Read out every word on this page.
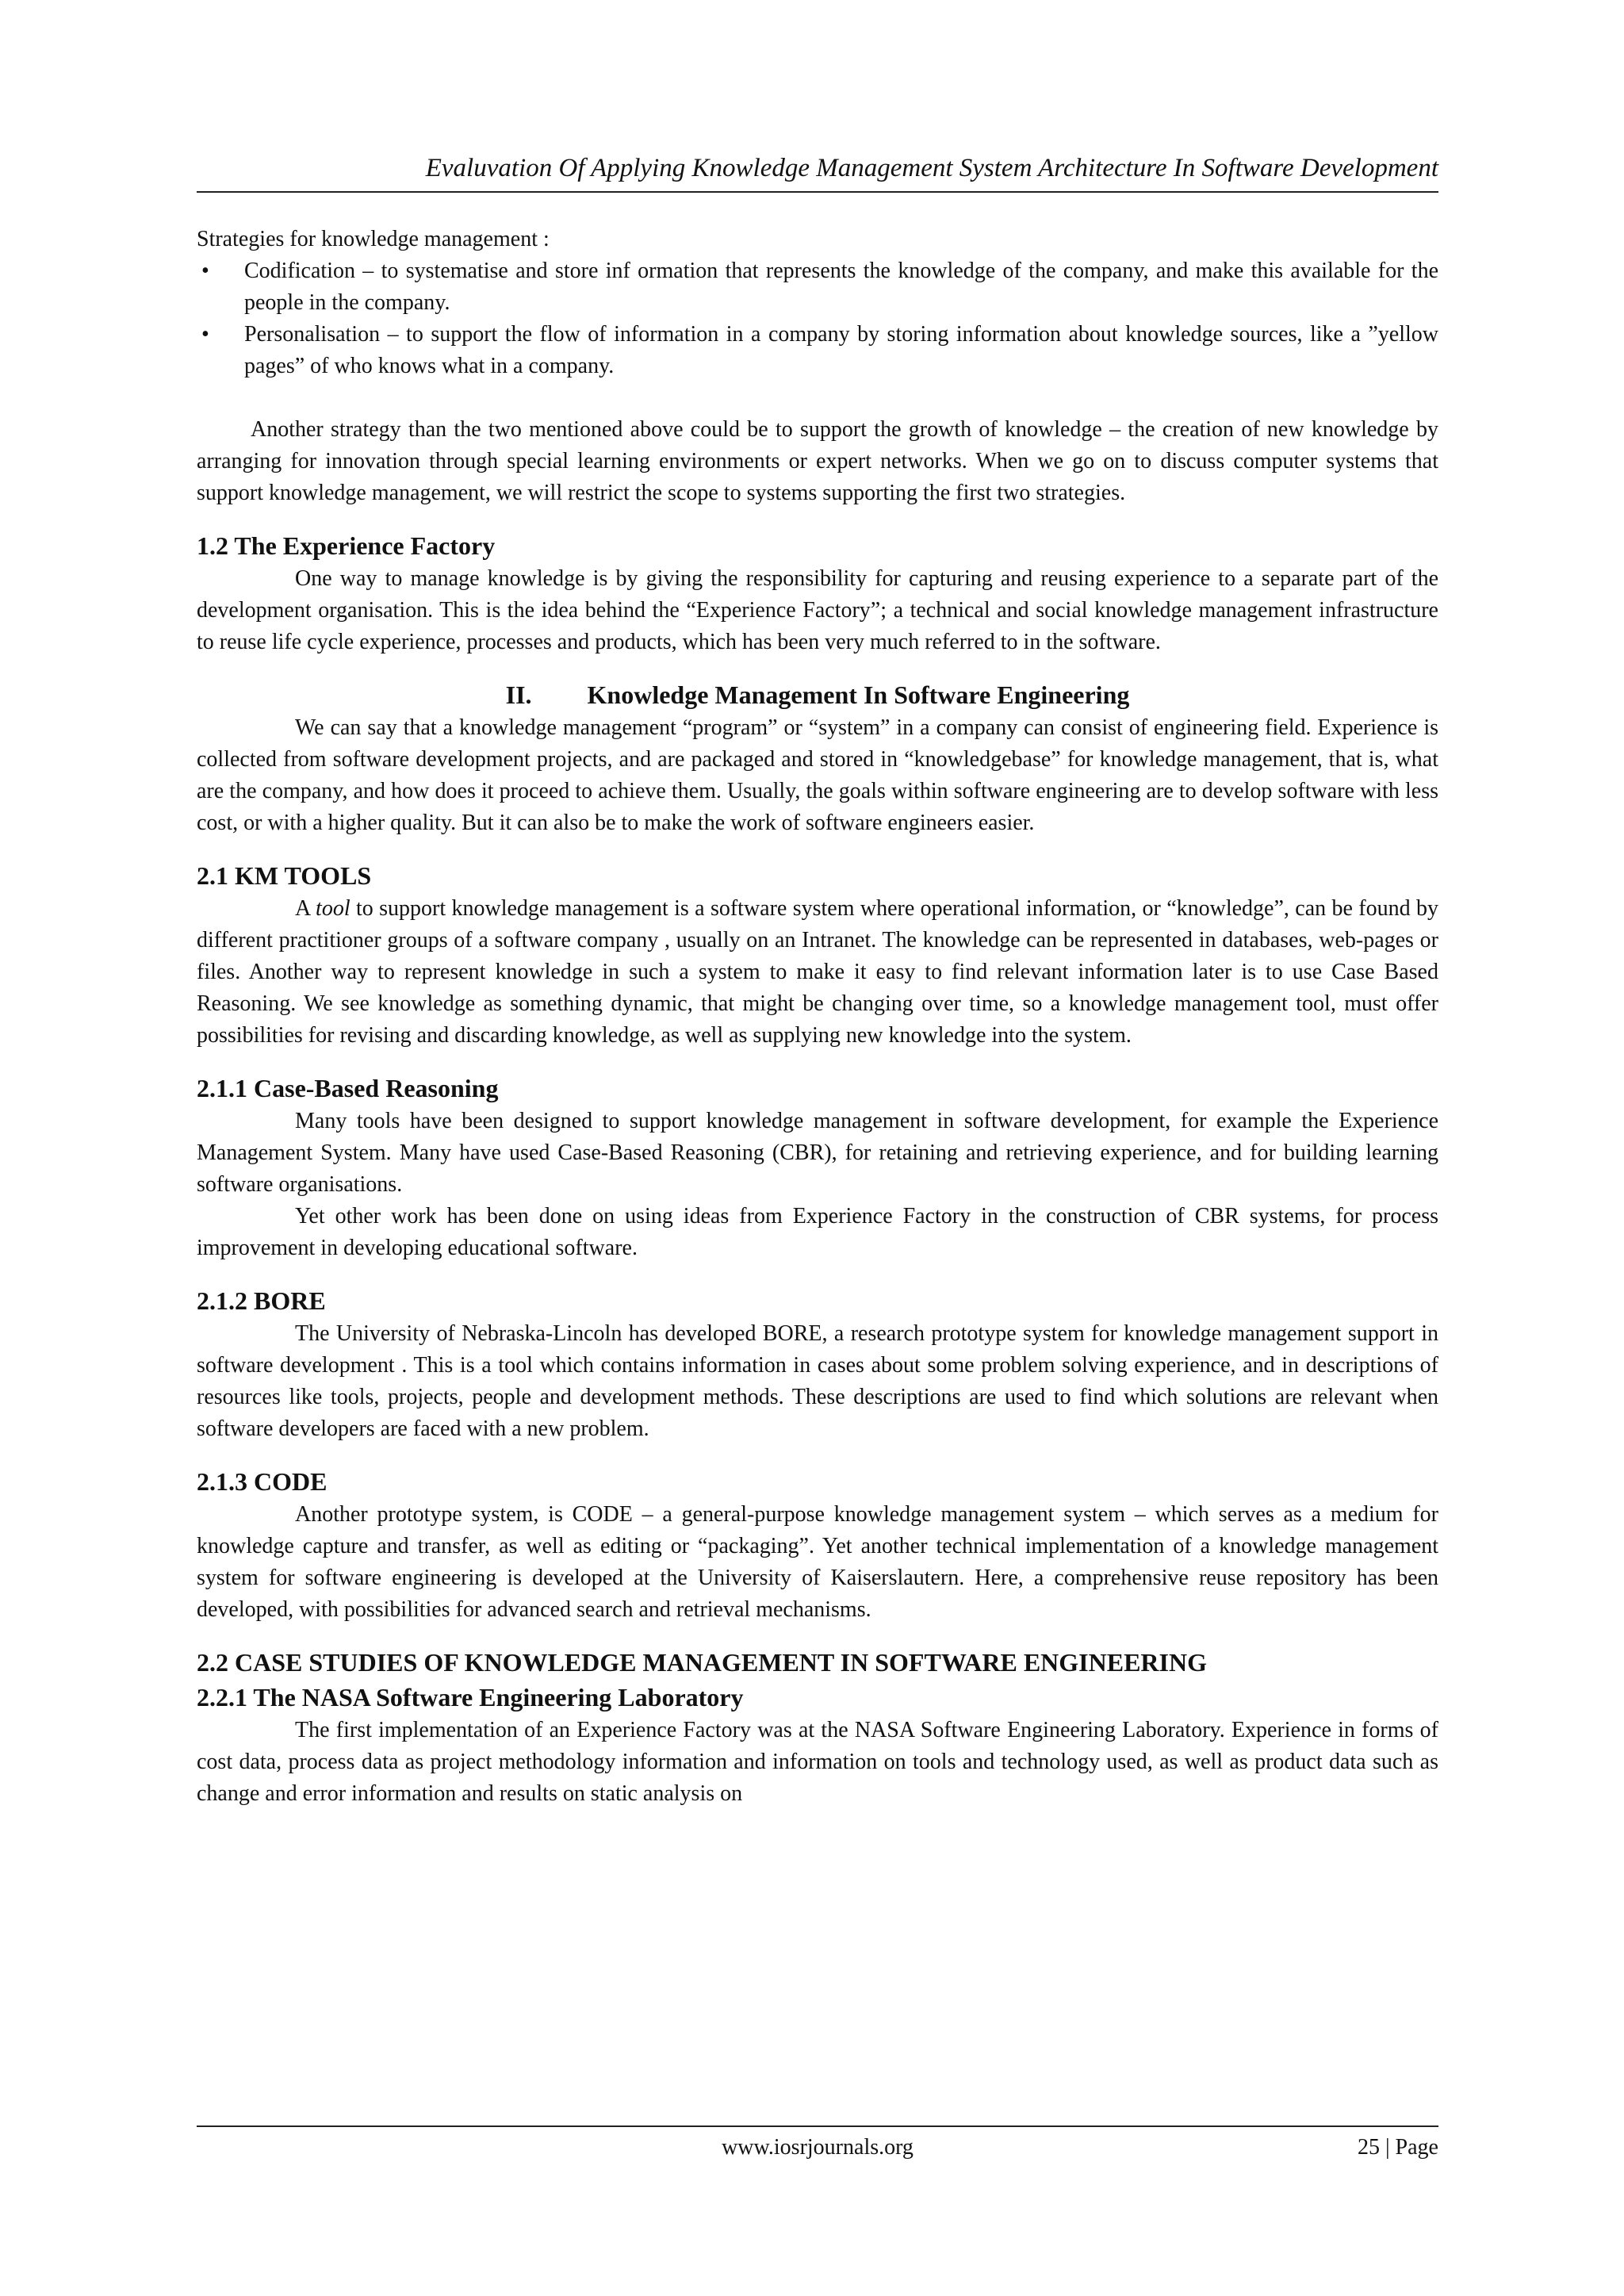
Evaluvation Of Applying Knowledge Management System Architecture In Software Development

Strategies for knowledge management :

• Codification – to systematise and store inf ormation that represents the knowledge of the company, and make this available for the people in the company.
• Personalisation – to support the flow of information in a company by storing information about knowledge sources, like a ”yellow pages” of who knows what in a company.

Another strategy than the two mentioned above could be to support the growth of knowledge – the creation of new knowledge by arranging for innovation through special learning environments or expert networks. When we go on to discuss computer systems that support knowledge management, we will restrict the scope to systems supporting the first two strategies.

1.2 The Experience Factory

One way to manage knowledge is by giving the responsibility for capturing and reusing experience to a separate part of the development organisation. This is the idea behind the “Experience Factory”; a technical and social knowledge management infrastructure to reuse life cycle experience, processes and products, which has been very much referred to in the software.

II. Knowledge Management In Software Engineering

We can say that a knowledge management “program” or “system” in a company can consist of engineering field. Experience is collected from software development projects, and are packaged and stored in “knowledgebase” for knowledge management, that is, what are the company, and how does it proceed to achieve them. Usually, the goals within software engineering are to develop software with less cost, or with a higher quality. But it can also be to make the work of software engineers easier.

2.1 KM TOOLS

A tool to support knowledge management is a software system where operational information, or “knowledge”, can be found by different practitioner groups of a software company , usually on an Intranet. The knowledge can be represented in databases, web-pages or files. Another way to represent knowledge in such a system to make it easy to find relevant information later is to use Case Based Reasoning. We see knowledge as something dynamic, that might be changing over time, so a knowledge management tool, must offer possibilities for revising and discarding knowledge, as well as supplying new knowledge into the system.

2.1.1 Case-Based Reasoning

Many tools have been designed to support knowledge management in software development, for example the Experience Management System. Many have used Case-Based Reasoning (CBR), for retaining and retrieving experience, and for building learning software organisations.

Yet other work has been done on using ideas from Experience Factory in the construction of CBR systems, for process improvement in developing educational software.

2.1.2 BORE

The University of Nebraska-Lincoln has developed BORE, a research prototype system for knowledge management support in software development . This is a tool which contains information in cases about some problem solving experience, and in descriptions of resources like tools, projects, people and development methods. These descriptions are used to find which solutions are relevant when software developers are faced with a new problem.

2.1.3 CODE

Another prototype system, is CODE – a general-purpose knowledge management system – which serves as a medium for knowledge capture and transfer, as well as editing or “packaging”. Yet another technical implementation of a knowledge management system for software engineering is developed at the University of Kaiserslautern. Here, a comprehensive reuse repository has been developed, with possibilities for advanced search and retrieval mechanisms.

2.2 CASE STUDIES OF KNOWLEDGE MANAGEMENT IN SOFTWARE ENGINEERING
2.2.1 The NASA Software Engineering Laboratory

The first implementation of an Experience Factory was at the NASA Software Engineering Laboratory. Experience in forms of cost data, process data as project methodology information and information on tools and technology used, as well as product data such as change and error information and results on static analysis on

www.iosrjournals.org	25 | Page
